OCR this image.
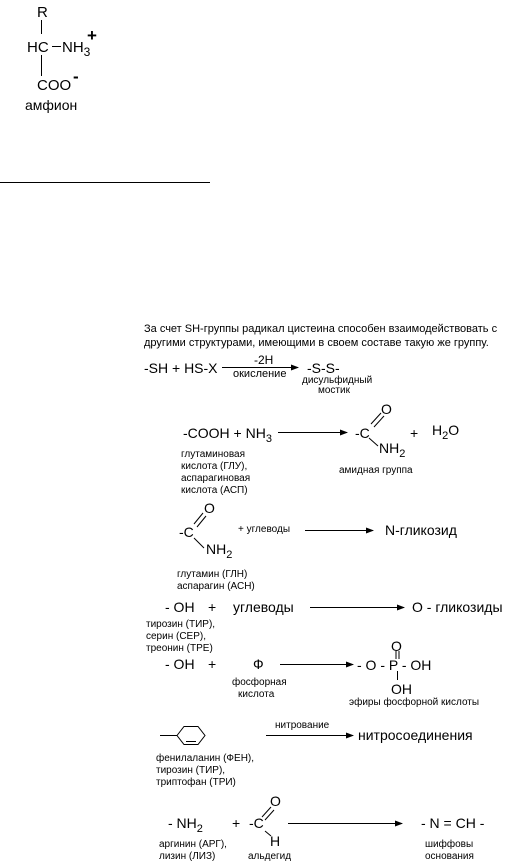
R
HC $NH_3$
+
COO -
амфион
За счет SH-группы радикал цистеина способен взаимодействовать с
другими структурами, имеющими в своем составе такую же группу.
-SH + HS-X	-2H
окисление -S-S-
дисульфидный
мостик
-COOH + $NH_3$	-C
O
$NH_2$
+ $H_2O$
глутаминовая
кислота (ГЛУ),
аспарагиновая
кислота (АСП)
амидная группа
O
-C
$NH_2$
+ углеводы	N-гликозид
глутамин (ГЛН)
аспарагин (АСН)
- OH + углеводы	O - гликозиды
тирозин (ТИР),
серин (СЕР),
треонин (ТРЕ)
- OH +	Ф
фосфорная
кислота
O
- O - P - OH
OH
эфиры фосфорной кислоты
нитрование
нитросоединения
фенилаланин (ФЕН),
тирозин (ТИР),
триптофан (ТРИ)
- $NH_2$ +
O
-C
H
- N = CH -
аргинин (АРГ),
лизин (ЛИЗ)	альдегид
шиффовы
основания
